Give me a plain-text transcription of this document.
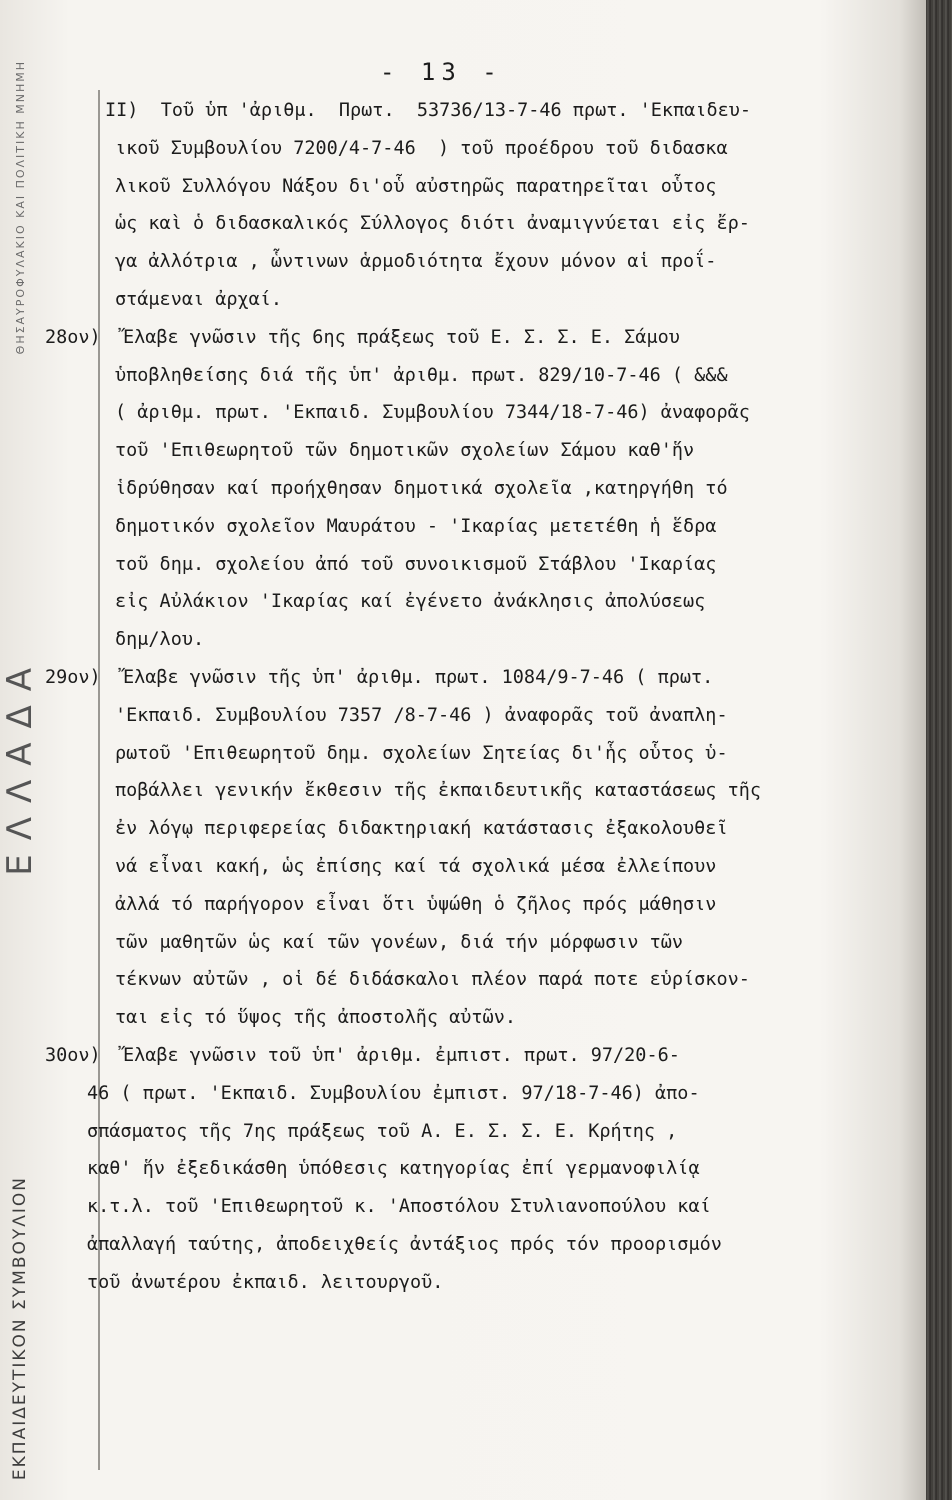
ΘΗΣΑΥΡΟΦΥΛΑΚΙΟ ΚΑΙ ΠΟΛΙΤΙΚΗ ΜΝΗΜΗ
ΕΛΛΑΔΑ
ΕΚΠΑΙΔΕΥΤΙΚΟΝ ΣΥΜΒΟΥΛΙΟΝ
- 13 -
II)  Τοῦ ὑπ 'ἀριθμ.  Πρωτ.  53736/13-7-46 πρωτ. 'Εκπαιδευ-
ικοῦ Συμβουλίου 7200/4-7-46  ) τοῦ προέδρου τοῦ διδασκα
λικοῦ Συλλόγου Νάξου δι'οὗ αὐστηρῶς παρατηρεῖται οὗτος
ὡς καὶ ὁ διδασκαλικός Σύλλογος διότι ἀναμιγνύεται εἰς ἔρ-
γα ἀλλότρια , ὧντινων ἁρμοδιότητα ἔχουν μόνον αἱ προΐ-
στάμεναι ἀρχαί.
28ον)  Ἔλαβε γνῶσιν τῆς 6ης πράξεως τοῦ Ε. Σ. Σ. Ε. Σάμου
ὑποβληθείσης διά τῆς ὑπ' ἀριθμ. πρωτ. 829/10-7-46 ( &&&
( ἀριθμ. πρωτ. 'Εκπαιδ. Συμβουλίου 7344/18-7-46) ἀναφορᾶς
τοῦ 'Επιθεωρητοῦ τῶν δημοτικῶν σχολείων Σάμου καθ'ἥν
ἱδρύθησαν καί προήχθησαν δημοτικά σχολεῖα ,κατηργήθη τό
δημοτικόν σχολεῖον Μαυράτου - 'Ικαρίας μετετέθη ἡ ἕδρα
τοῦ δημ. σχολείου ἀπό τοῦ συνοικισμοῦ Στάβλου 'Ικαρίας
εἰς Αὐλάκιον 'Ικαρίας καί ἐγένετο ἀνάκλησις ἀπολύσεως
δημ/λου.
29ον)  Ἔλαβε γνῶσιν τῆς ὑπ' ἀριθμ. πρωτ. 1084/9-7-46 ( πρωτ.
'Εκπαιδ. Συμβουλίου 7357 /8-7-46 ) ἀναφορᾶς τοῦ ἀναπλη-
ρωτοῦ 'Επιθεωρητοῦ δημ. σχολείων Σητείας δι'ἧς οὗτος ὑ-
ποβάλλει γενικήν ἔκθεσιν τῆς ἐκπαιδευτικῆς καταστάσεως τῆς
ἐν λόγῳ περιφερείας διδακτηριακή κατάστασις ἐξακολουθεῖ
νά εἶναι κακή, ὡς ἐπίσης καί τά σχολικά μέσα ἐλλείπουν
ἀλλά τό παρήγορον εἶναι ὅτι ὑψώθη ὁ ζῆλος πρός μάθησιν
τῶν μαθητῶν ὡς καί τῶν γονέων, διά τήν μόρφωσιν τῶν
τέκνων αὐτῶν , οἱ δέ διδάσκαλοι πλέον παρά ποτε εὑρίσκον-
ται εἰς τό ὕψος τῆς ἀποστολῆς αὐτῶν.
30ον)  Ἔλαβε γνῶσιν τοῦ ὑπ' ἀριθμ. ἐμπιστ. πρωτ. 97/20-6-
46 ( πρωτ. 'Εκπαιδ. Συμβουλίου ἐμπιστ. 97/18-7-46) ἀπο-
σπάσματος τῆς 7ης πράξεως τοῦ Α. Ε. Σ. Σ. Ε. Κρήτης ,
καθ' ἥν ἐξεδικάσθη ὑπόθεσις κατηγορίας ἐπί γερμανοφιλίᾳ
κ.τ.λ. τοῦ 'Επιθεωρητοῦ κ. 'Αποστόλου Στυλιανοπούλου καί
ἀπαλλαγή ταύτης, ἀποδειχθείς ἀντάξιος πρός τόν προορισμόν
τοῦ ἀνωτέρου ἐκπαιδ. λειτουργοῦ.
